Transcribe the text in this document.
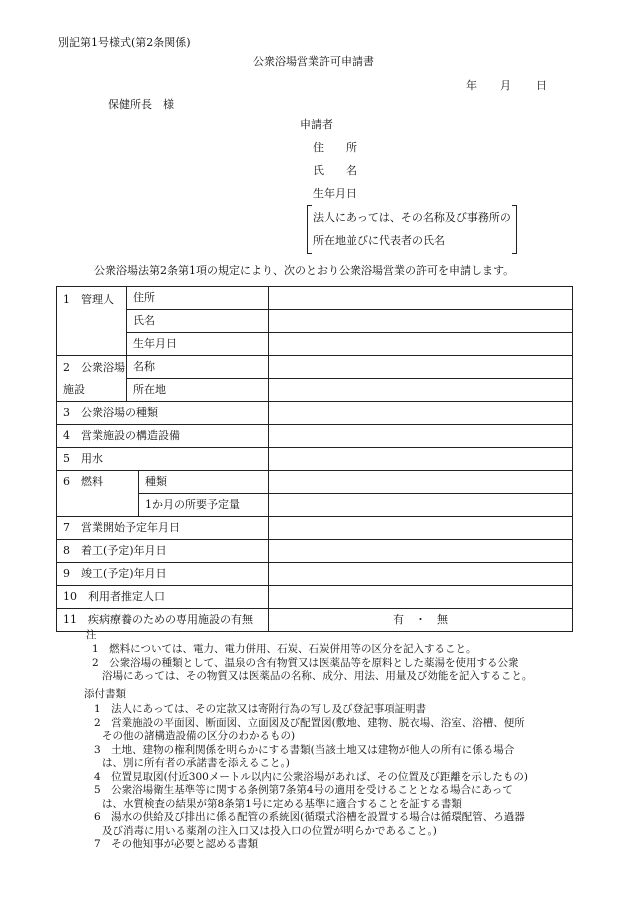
別記第1号様式(第2条関係)
公衆浴場営業許可申請書
年 月 日
保健所長　様
申請者
住　　所
氏　　名
生年月日
法人にあっては、その名称及び事務所の
所在地並びに代表者の氏名
公衆浴場法第2条第1項の規定により、次のとおり公衆浴場営業の許可を申請します。
1　管理人	住所		
	氏名		
	生年月日		

2　公衆浴場
施設	名称		
	所在地		
3　公衆浴場の種類			
4　営業施設の構造設備			
5　用水			
6　燃料		種類	
		1か月の所要予定量	
7　営業開始予定年月日			
8　着工(予定)年月日			
9　竣工(予定)年月日			
10　利用者推定人口			
11　疾病療養のための専用施設の有無			有　・　無
注
1　燃料については、電力、電力併用、石炭、石炭併用等の区分を記入すること。
2　公衆浴場の種類として、温泉の含有物質又は医薬品等を原料とした薬湯を使用する公衆
浴場にあっては、その物質又は医薬品の名称、成分、用法、用量及び効能を記入すること。
添付書類
1　法人にあっては、その定款又は寄附行為の写し及び登記事項証明書
2　営業施設の平面図、断面図、立面図及び配置図(敷地、建物、脱衣場、浴室、浴槽、便所
その他の諸構造設備の区分のわかるもの)
3　土地、建物の権利関係を明らかにする書類(当該土地又は建物が他人の所有に係る場合
は、別に所有者の承諾書を添えること。)
4　位置見取図(付近300メートル以内に公衆浴場があれば、その位置及び距離を示したもの)
5　公衆浴場衛生基準等に関する条例第7条第4号の適用を受けることとなる場合にあって
は、水質検査の結果が第8条第1号に定める基準に適合することを証する書類
6　湯水の供給及び排出に係る配管の系統図(循環式浴槽を設置する場合は循環配管、ろ過器
及び消毒に用いる薬剤の注入口又は投入口の位置が明らかであること。)
7　その他知事が必要と認める書類
